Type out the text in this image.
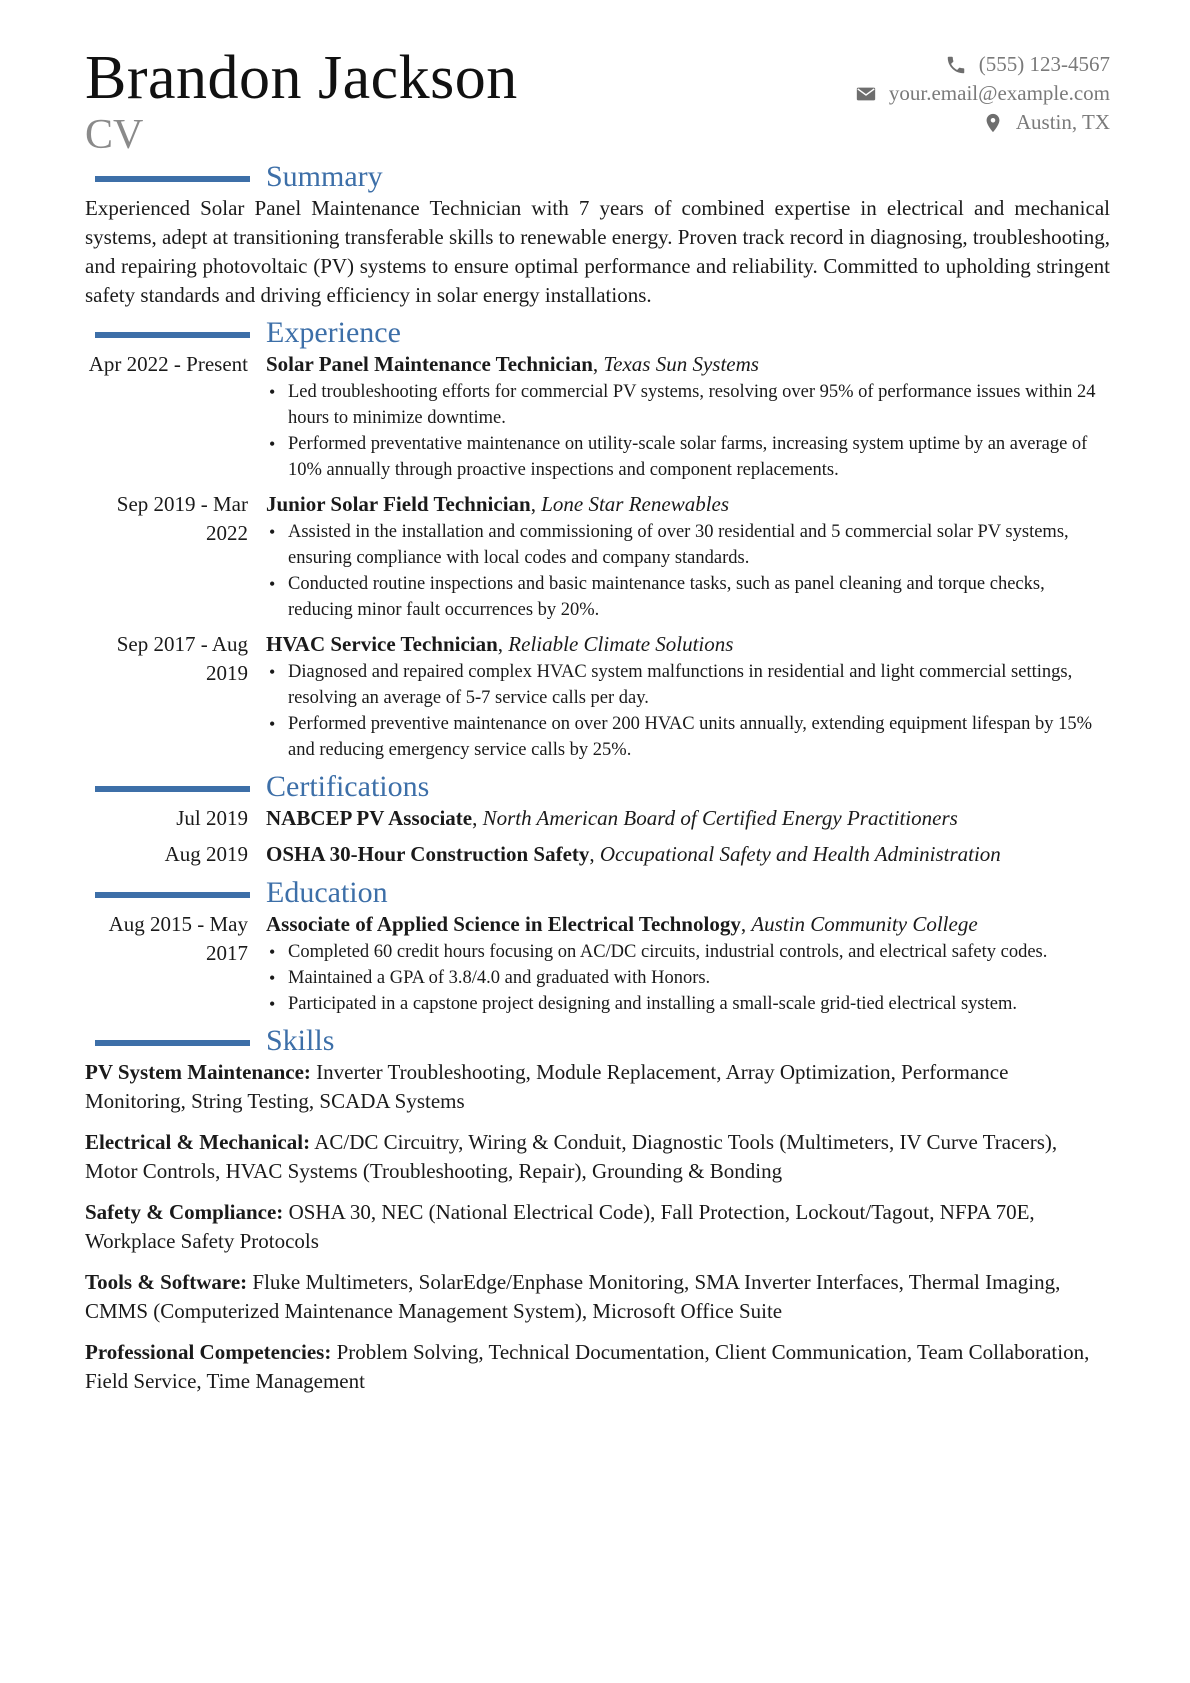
Brandon Jackson
CV
(555) 123-4567
your.email@example.com
Austin, TX
Summary

Experienced Solar Panel Maintenance Technician with 7 years of combined expertise in electrical and mechanical systems, adept at transitioning transferable skills to renewable energy. Proven track record in diagnosing, troubleshooting, and repairing photovoltaic (PV) systems to ensure optimal performance and reliability. Committed to upholding stringent safety standards and driving efficiency in solar energy installations.

Experience
Apr 2022 - Present Solar Panel Maintenance Technician, Texas Sun Systems
• Led troubleshooting efforts for commercial PV systems, resolving over 95% of performance issues within 24 hours to minimize downtime.
• Performed preventative maintenance on utility-scale solar farms, increasing system uptime by an average of 10% annually through proactive inspections and component replacements.
Sep 2019 - Mar 2022
Junior Solar Field Technician, Lone Star Renewables
• Assisted in the installation and commissioning of over 30 residential and 5 commercial solar PV systems, ensuring compliance with local codes and company standards.
• Conducted routine inspections and basic maintenance tasks, such as panel cleaning and torque checks, reducing minor fault occurrences by 20%.
Sep 2017 - Aug 2019
HVAC Service Technician, Reliable Climate Solutions
• Diagnosed and repaired complex HVAC system malfunctions in residential and light commercial settings, resolving an average of 5-7 service calls per day.
• Performed preventive maintenance on over 200 HVAC units annually, extending equipment lifespan by 15% and reducing emergency service calls by 25%.
Certifications
Jul 2019 NABCEP PV Associate, North American Board of Certified Energy Practitioners
Aug 2019 OSHA 30-Hour Construction Safety, Occupational Safety and Health Administration
Education
Aug 2015 - May 2017
Associate of Applied Science in Electrical Technology, Austin Community College
• Completed 60 credit hours focusing on AC/DC circuits, industrial controls, and electrical safety codes.
• Maintained a GPA of 3.8/4.0 and graduated with Honors.
• Participated in a capstone project designing and installing a small-scale grid-tied electrical system.
Skills

PV System Maintenance: Inverter Troubleshooting, Module Replacement, Array Optimization, Performance Monitoring, String Testing, SCADA Systems

Electrical & Mechanical: AC/DC Circuitry, Wiring & Conduit, Diagnostic Tools (Multimeters, IV Curve Tracers), Motor Controls, HVAC Systems (Troubleshooting, Repair), Grounding & Bonding

Safety & Compliance: OSHA 30, NEC (National Electrical Code), Fall Protection, Lockout/Tagout, NFPA 70E, Workplace Safety Protocols

Tools & Software: Fluke Multimeters, SolarEdge/Enphase Monitoring, SMA Inverter Interfaces, Thermal Imaging, CMMS (Computerized Maintenance Management System), Microsoft Office Suite

Professional Competencies: Problem Solving, Technical Documentation, Client Communication, Team Collaboration, Field Service, Time Management
